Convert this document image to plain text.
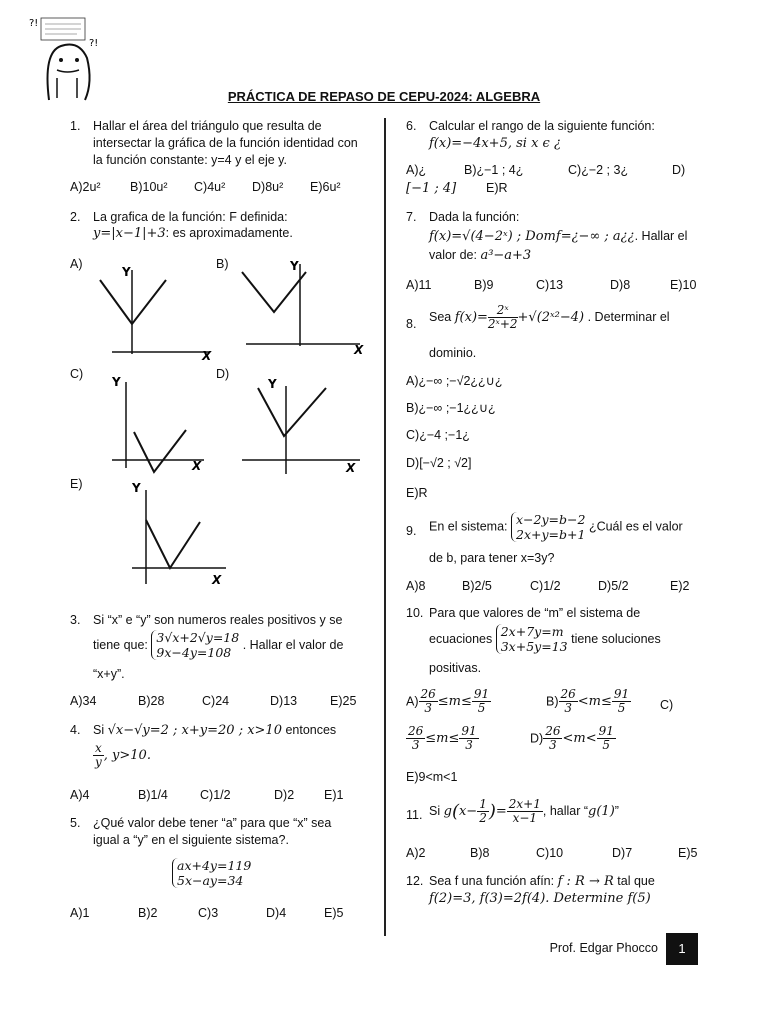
?!
?!
PRÁCTICA DE REPASO DE CEPU-2024: ALGEBRA
1. Hallar el área del triángulo que resulta de intersectar la gráfica de la función identidad con la función constante: y=4 y el eje y.
A)2u² B)10u² C)4u² D)8u² E)6u²
2. La grafica de la función: F definida:
y=|x−1|+3: es aproximadamente.
A)
Y
X
B)	Y
X
C)
Y
X
D)
Y
X
E)	Y
X
3. Si “x” e “y” son numeros reales positivos y se
tiene que: 3√x+2√y=18
9x−4y=108 . Hallar el valor de
“x+y”.
A)34	B)28	C)24	D)13	E)25
4. Si √x−√y=2 ; x+y=20 ; x>10 entonces
$\frac{x}{y}$ , y>10.
A)4	B)1/4	C)1/2	D)2 E)1
5. ¿Qué valor debe tener “a” para que “x” sea igual a “y” en el siguiente sistema?.
ax+4y=119
5x−ay=34
A)1	B)2	C)3	D)4	E)5
6. Calcular el rango de la siguiente función:
f(x)=−4x+5, si x ϵ ¿
A)¿	B)¿−1 ; 4¿	C)¿−2 ; 3¿	D)
[−1 ; 4] E)R
7. Dada la función:
f(x)=√(4−2ˣ) ; Domf=¿−∞ ; a¿¿. Hallar el
valor de: a³−a+3
A)11	B)9	C)13	D)8	E)10
8. Sea $f(x)= \frac{\text{2ˣ}}{\text{2ˣ+2}}$ +√(2ˣ²−4) . Determinar el
dominio.
A)¿−∞ ;−√2¿¿∪¿
B)¿−∞ ;−1¿¿∪¿
C)¿−4 ;−1¿
D)[−√2 ; √2]
E)R
9. En el sistema: x−2y=b−2
2x+y=b+1
¿Cuál es el valor
de b, para tener x=3y?
A)8	B)2/5	C)1/2	D)5/2	E)2
10. Para que valores de “m” el sistema de
ecuaciones 2x+7y=m
3x+5y=13 tiene soluciones
positivas.
$A) \frac{26}{3} \le m\le \frac{91}{5}$	$B) \frac{26}{3} <m\le \frac{91}{5} C$)
$\frac{26}{3} \le m\le \frac{91}{3}$	$D) \frac{26}{3} <m< \frac{91}{5}$
E)9<m<1
11. Si $g(x- \frac{1}{2}$ )= $\frac{2x+1}{x-1}$ , hallar “g(1)”
A)2	B)8	C)10	D)7	E)5
12. Sea f una función afín: f : R → R tal que
f(2)=3, f(3)=2f(4). Determine f(5)
Prof. Edgar Phocco	1
